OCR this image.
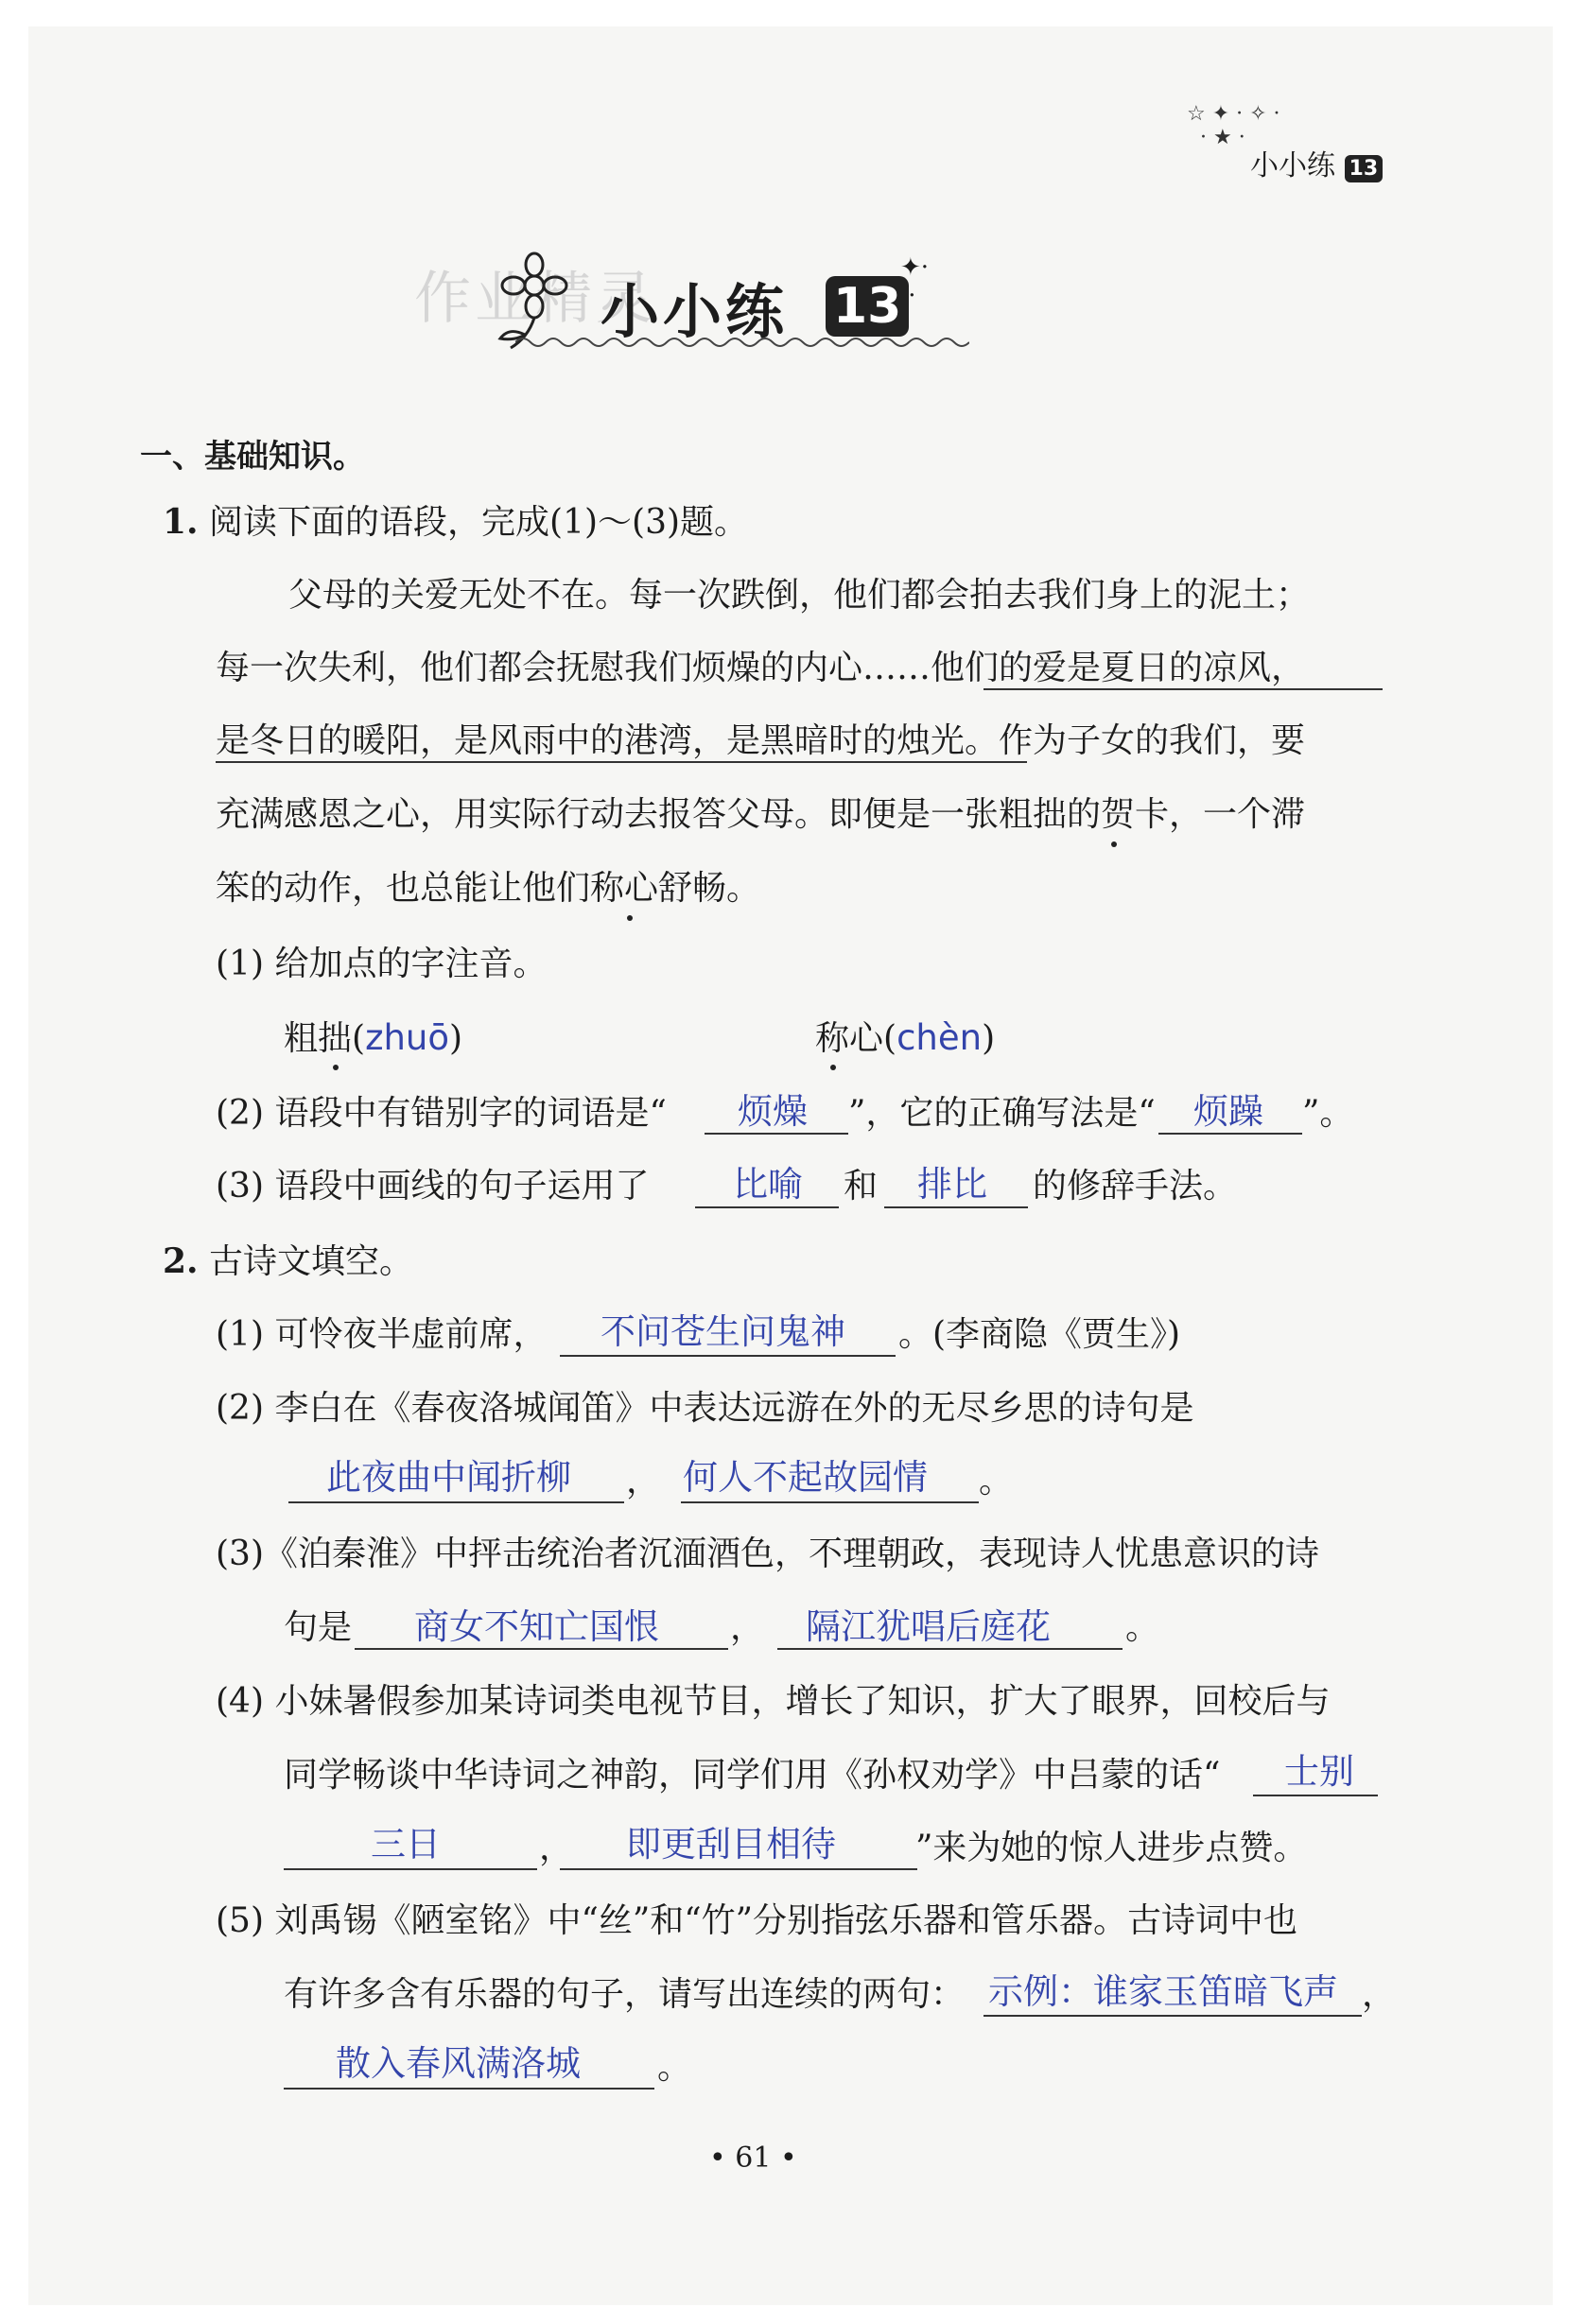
☆ ✦ · ✧ ·
· ★ ·
小小练 13
作业精灵
小小练 13
✦·
·
一、基础知识。
1. 阅读下面的语段，完成(1)～(3)题。
父母的关爱无处不在。每一次跌倒，他们都会拍去我们身上的泥土；
每一次失利，他们都会抚慰我们烦燥的内心……他们的爱是夏日的凉风，
是冬日的暖阳，是风雨中的港湾，是黑暗时的烛光。作为子女的我们，要
充满感恩之心，用实际行动去报答父母。即便是一张粗拙的贺卡，一个滞
笨的动作，也总能让他们称心舒畅。
(1) 给加点的字注音。
粗拙(zhuō)	称心(chèn)
(2) 语段中有错别字的词语是“ 烦燥 ”，它的正确写法是“ 烦躁 ”。
(3) 语段中画线的句子运用了 比喻 和 排比 的修辞手法。
2. 古诗文填空。
(1) 可怜夜半虚前席， 不问苍生问鬼神 。(李商隐《贾生》)
(2) 李白在《春夜洛城闻笛》中表达远游在外的无尽乡思的诗句是
此夜曲中闻折柳 ， 何人不起故园情 。
(3)《泊秦淮》中抨击统治者沉湎酒色，不理朝政，表现诗人忧患意识的诗
句是 商女不知亡国恨 ， 隔江犹唱后庭花 。
(4) 小妹暑假参加某诗词类电视节目，增长了知识，扩大了眼界，回校后与
同学畅谈中华诗词之神韵，同学们用《孙权劝学》中吕蒙的话“ 士别
三日	， 即更刮目相待 ”来为她的惊人进步点赞。
(5) 刘禹锡《陋室铭》中“丝”和“竹”分别指弦乐器和管乐器。古诗词中也
有许多含有乐器的句子，请写出连续的两句： 示例：谁家玉笛暗飞声 ，
散入春风满洛城 。
• 61 •
